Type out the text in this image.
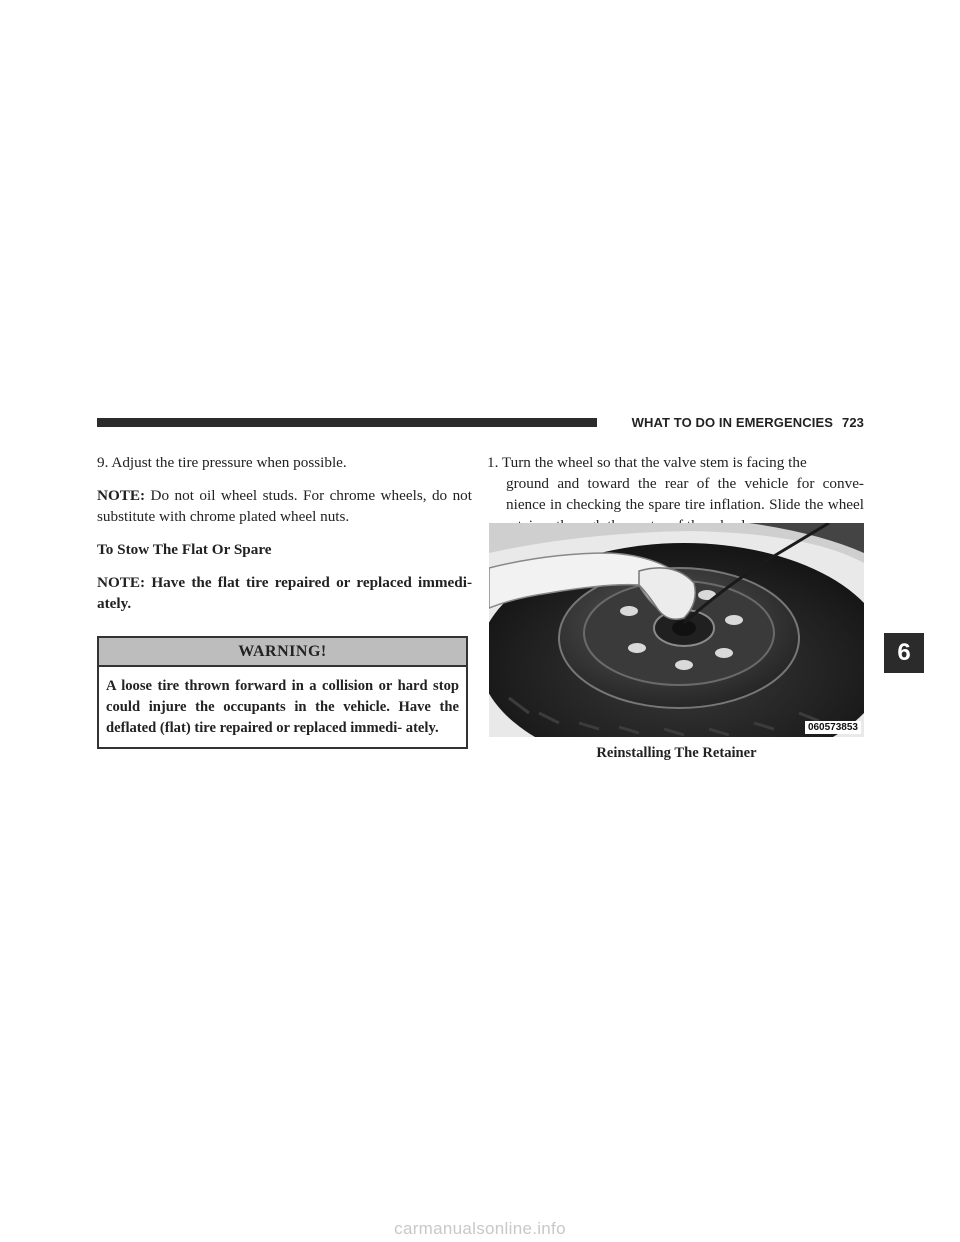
WHAT TO DO IN EMERGENCIES 723

9. Adjust the tire pressure when possible.

NOTE: Do not oil wheel studs. For chrome wheels, do not substitute with chrome plated wheel nuts.

To Stow The Flat Or Spare

NOTE: Have the flat tire repaired or replaced immedi- ately.

WARNING!
A loose tire thrown forward in a collision or hard stop could injure the occupants in the vehicle. Have the deflated (flat) tire repaired or replaced immedi- ately.

1. Turn the wheel so that the valve stem is facing the
ground and toward the rear of the vehicle for conve- nience in checking the spare tire inflation. Slide the wheel

060573853
Reinstalling The Retainer
6
carmanualsonline.info
